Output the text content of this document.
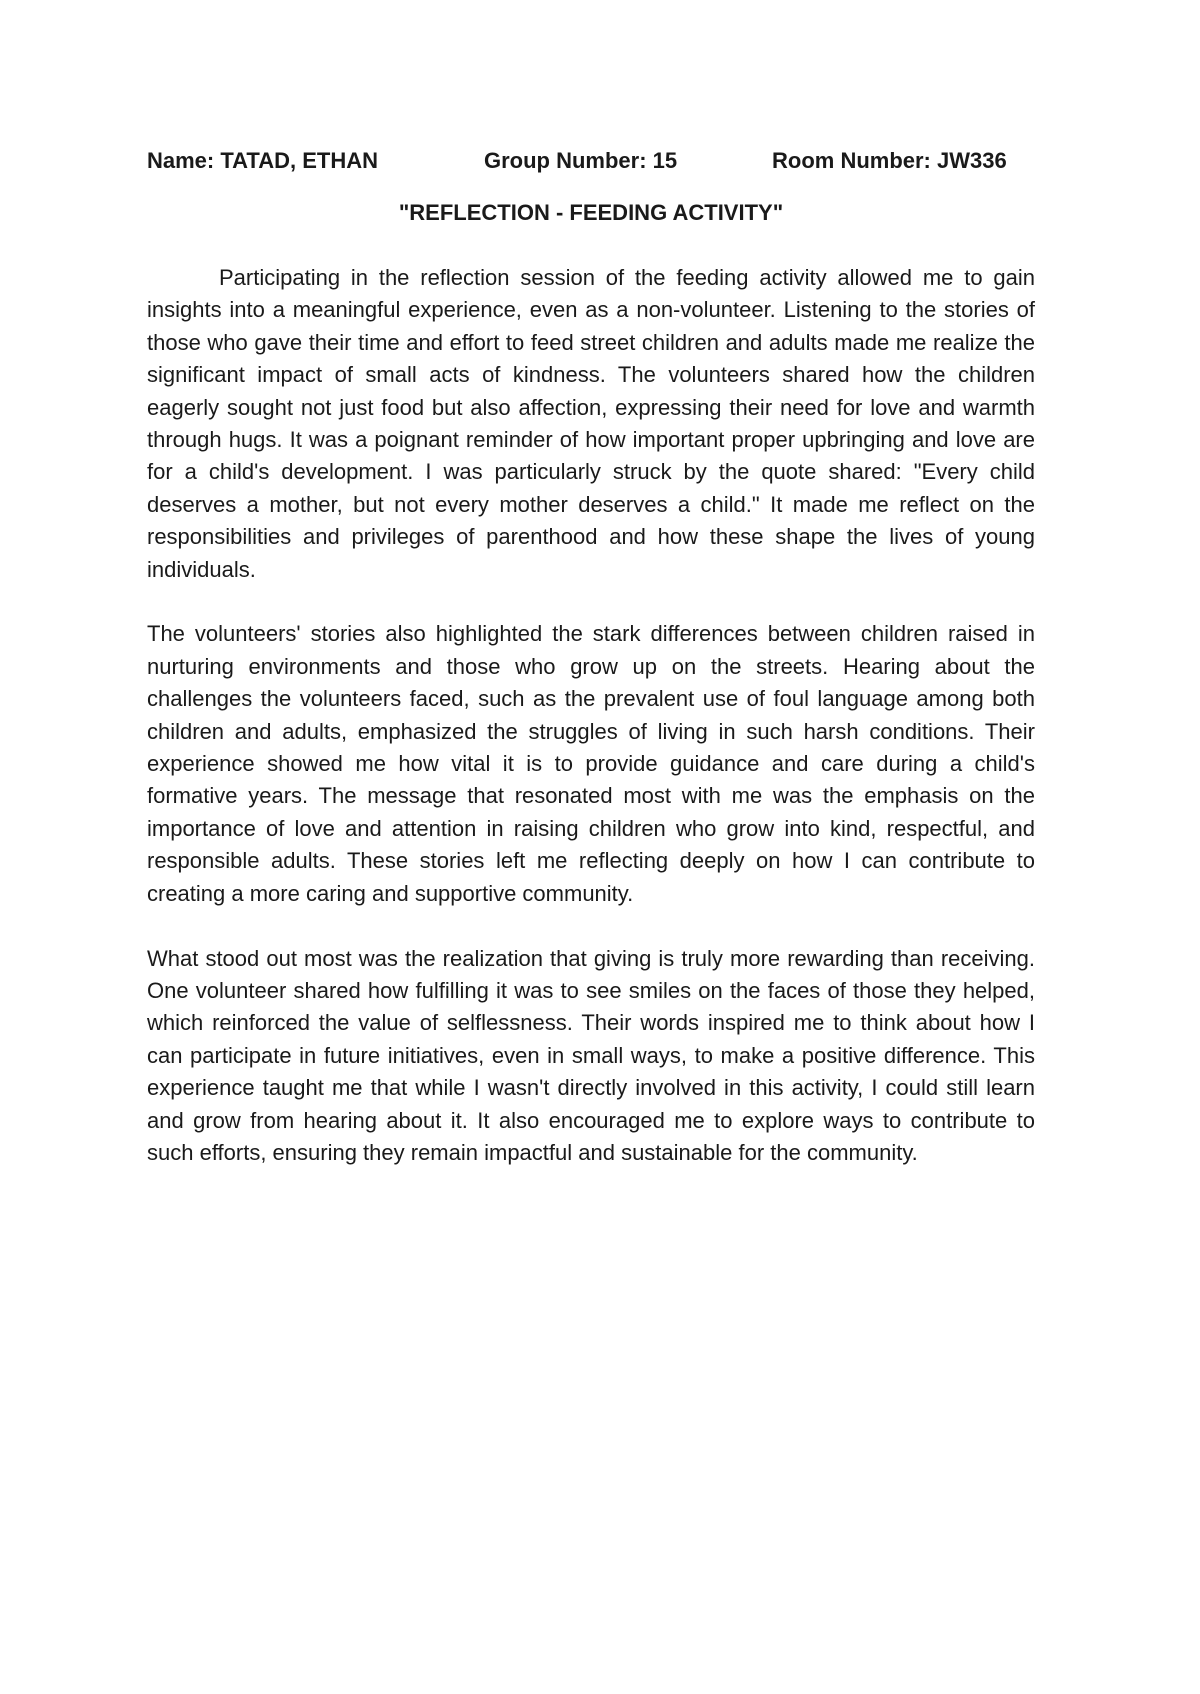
Name: TATAD, ETHAN	Group Number: 15	Room Number: JW336
"REFLECTION - FEEDING ACTIVITY"

Participating in the reflection session of the feeding activity allowed me to gain insights into a meaningful experience, even as a non-volunteer. Listening to the stories of those who gave their time and effort to feed street children and adults made me realize the significant impact of small acts of kindness. The volunteers shared how the children eagerly sought not just food but also affection, expressing their need for love and warmth through hugs. It was a poignant reminder of how important proper upbringing and love are for a child's development. I was particularly struck by the quote shared: "Every child deserves a mother, but not every mother deserves a child." It made me reflect on the responsibilities and privileges of parenthood and how these shape the lives of young individuals.

The volunteers' stories also highlighted the stark differences between children raised in nurturing environments and those who grow up on the streets. Hearing about the challenges the volunteers faced, such as the prevalent use of foul language among both children and adults, emphasized the struggles of living in such harsh conditions. Their experience showed me how vital it is to provide guidance and care during a child's formative years. The message that resonated most with me was the emphasis on the importance of love and attention in raising children who grow into kind, respectful, and responsible adults. These stories left me reflecting deeply on how I can contribute to creating a more caring and supportive community.

What stood out most was the realization that giving is truly more rewarding than receiving. One volunteer shared how fulfilling it was to see smiles on the faces of those they helped, which reinforced the value of selflessness. Their words inspired me to think about how I can participate in future initiatives, even in small ways, to make a positive difference. This experience taught me that while I wasn't directly involved in this activity, I could still learn and grow from hearing about it. It also encouraged me to explore ways to contribute to such efforts, ensuring they remain impactful and sustainable for the community.
